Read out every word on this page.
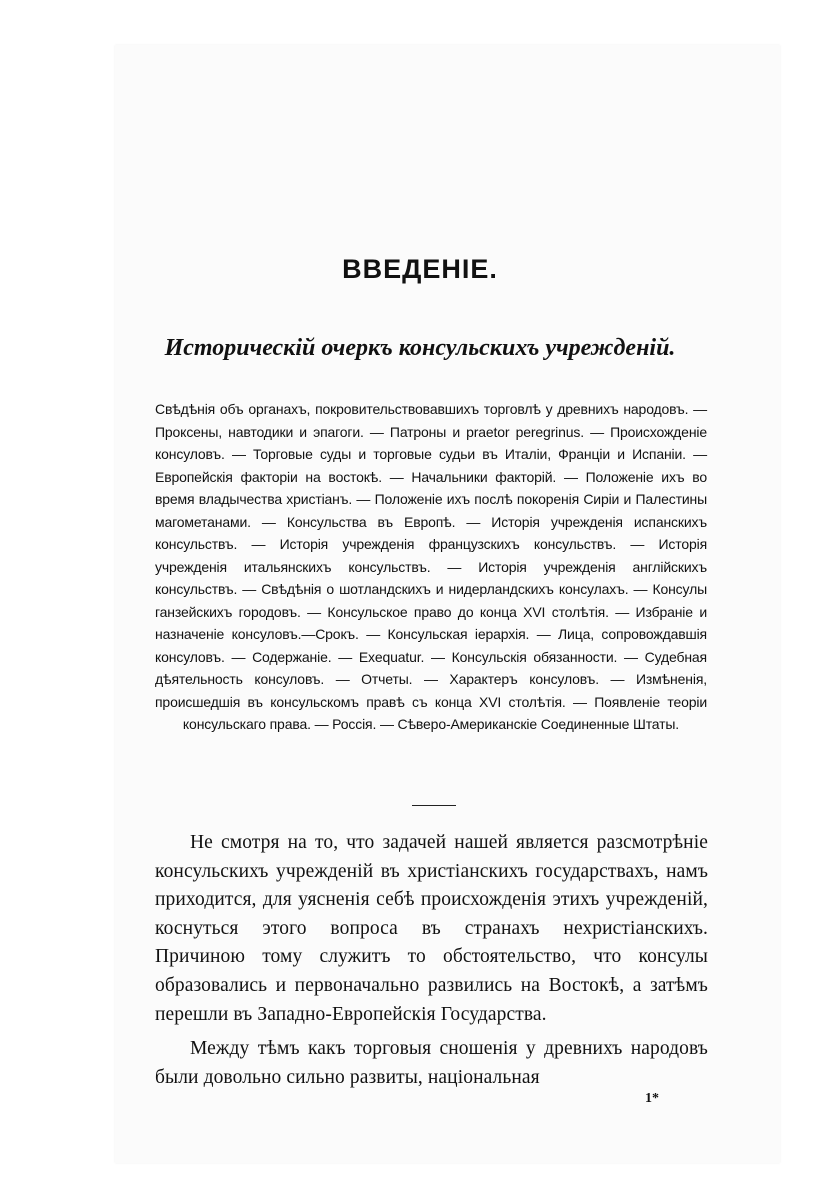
ВВЕДЕНІЕ.
Историческій очеркъ консульскихъ учрежденій.

Свѣдѣнія объ органахъ, покровительствовавшихъ торговлѣ у древнихъ народовъ. — Проксены, навтодики и эпагоги. — Патроны и praetor peregrinus. — Происхожденіе консуловъ. — Торговые суды и торговые судьи въ Италіи, Франціи и Испаніи. — Европейскія факторіи на востокѣ. — Начальники факторій. — Положеніе ихъ во время владычества христіанъ. — Положеніе ихъ послѣ покоренія Сиріи и Палестины магометанами. — Консульства въ Европѣ. — Исторія учрежденія испанскихъ консульствъ. — Исторія учрежденія французскихъ консульствъ. — Исторія учрежденія итальянскихъ консульствъ. — Исторія учрежденія англійскихъ консульствъ. — Свѣдѣнія о шотландскихъ и нидерландскихъ консулахъ. — Консулы ганзейскихъ городовъ. — Консульское право до конца XVI столѣтія. — Избраніе и назначеніе консуловъ.—Срокъ. — Консульская іерархія. — Лица, сопровождавшія консуловъ. — Содержаніе. — Exequatur. — Консульскія обязанности. — Судебная дѣятельность консуловъ. — Отчеты. — Характеръ консуловъ. — Измѣненія, происшедшія въ консульскомъ правѣ съ конца XVI столѣтія. — Появленіе теоріи консульскаго права. — Россія. — Сѣверо-Американскіе Соединенные Штаты.

Не смотря на то, что задачей нашей является разсмотрѣніе консульскихъ учрежденій въ христіанскихъ государствахъ, намъ приходится, для уясненія себѣ происхожденія этихъ учрежденій, коснуться этого вопроса въ странахъ нехристіанскихъ. Причиною тому служитъ то обстоятельство, что консулы образовались и первоначально развились на Востокѣ, а затѣмъ перешли въ Западно-Европейскія Государства.

Между тѣмъ какъ торговыя сношенія у древнихъ народовъ были довольно сильно развиты, національная

1*
